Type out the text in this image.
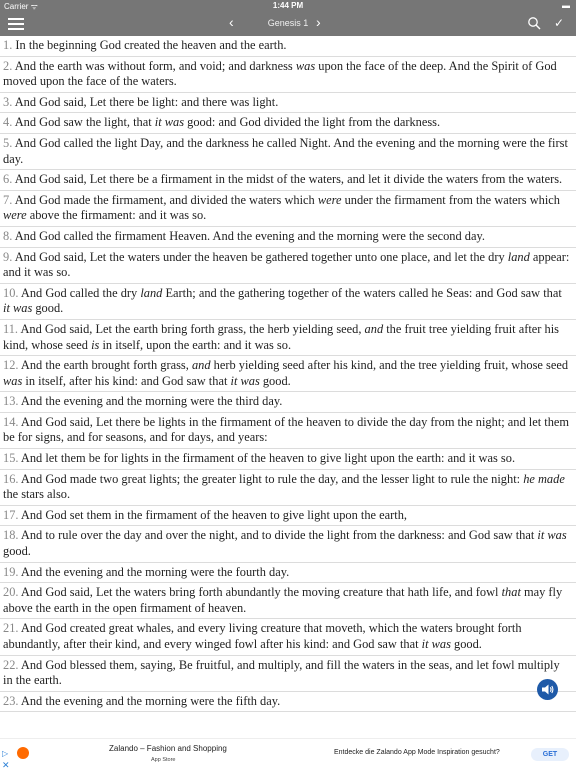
Carrier ᯤ	1:44 PM	▬
‹	Genesis 1 ›	✓
1. In the beginning God created the heaven and the earth.
2. And the earth was without form, and void; and darkness was upon the face of the deep. And the Spirit of God moved upon the face of the waters.
3. And God said, Let there be light: and there was light.
4. And God saw the light, that it was good: and God divided the light from the darkness.
5. And God called the light Day, and the darkness he called Night. And the evening and the morning were the first day.
6. And God said, Let there be a firmament in the midst of the waters, and let it divide the waters from the waters.
7. And God made the firmament, and divided the waters which were under the firmament from the waters which were above the firmament: and it was so.
8. And God called the firmament Heaven. And the evening and the morning were the second day.
9. And God said, Let the waters under the heaven be gathered together unto one place, and let the dry land appear: and it was so.
10. And God called the dry land Earth; and the gathering together of the waters called he Seas: and God saw that it was good.
11. And God said, Let the earth bring forth grass, the herb yielding seed, and the fruit tree yielding fruit after his kind, whose seed is in itself, upon the earth: and it was so.
12. And the earth brought forth grass, and herb yielding seed after his kind, and the tree yielding fruit, whose seed was in itself, after his kind: and God saw that it was good.
13. And the evening and the morning were the third day.
14. And God said, Let there be lights in the firmament of the heaven to divide the day from the night; and let them be for signs, and for seasons, and for days, and years:
15. And let them be for lights in the firmament of the heaven to give light upon the earth: and it was so.
16. And God made two great lights; the greater light to rule the day, and the lesser light to rule the night: he made the stars also.
17. And God set them in the firmament of the heaven to give light upon the earth,
18. And to rule over the day and over the night, and to divide the light from the darkness: and God saw that it was good.
19. And the evening and the morning were the fourth day.
20. And God said, Let the waters bring forth abundantly the moving creature that hath life, and fowl that may fly above the earth in the open firmament of heaven.
21. And God created great whales, and every living creature that moveth, which the waters brought forth abundantly, after their kind, and every winged fowl after his kind: and God saw that it was good.
22. And God blessed them, saying, Be fruitful, and multiply, and fill the waters in the seas, and let fowl multiply in the earth.
23. And the evening and the morning were the fifth day.
▷
✕
Zalando – Fashion and Shopping
App Store
Entdecke die Zalando App Mode Inspiration gesucht?	GET
